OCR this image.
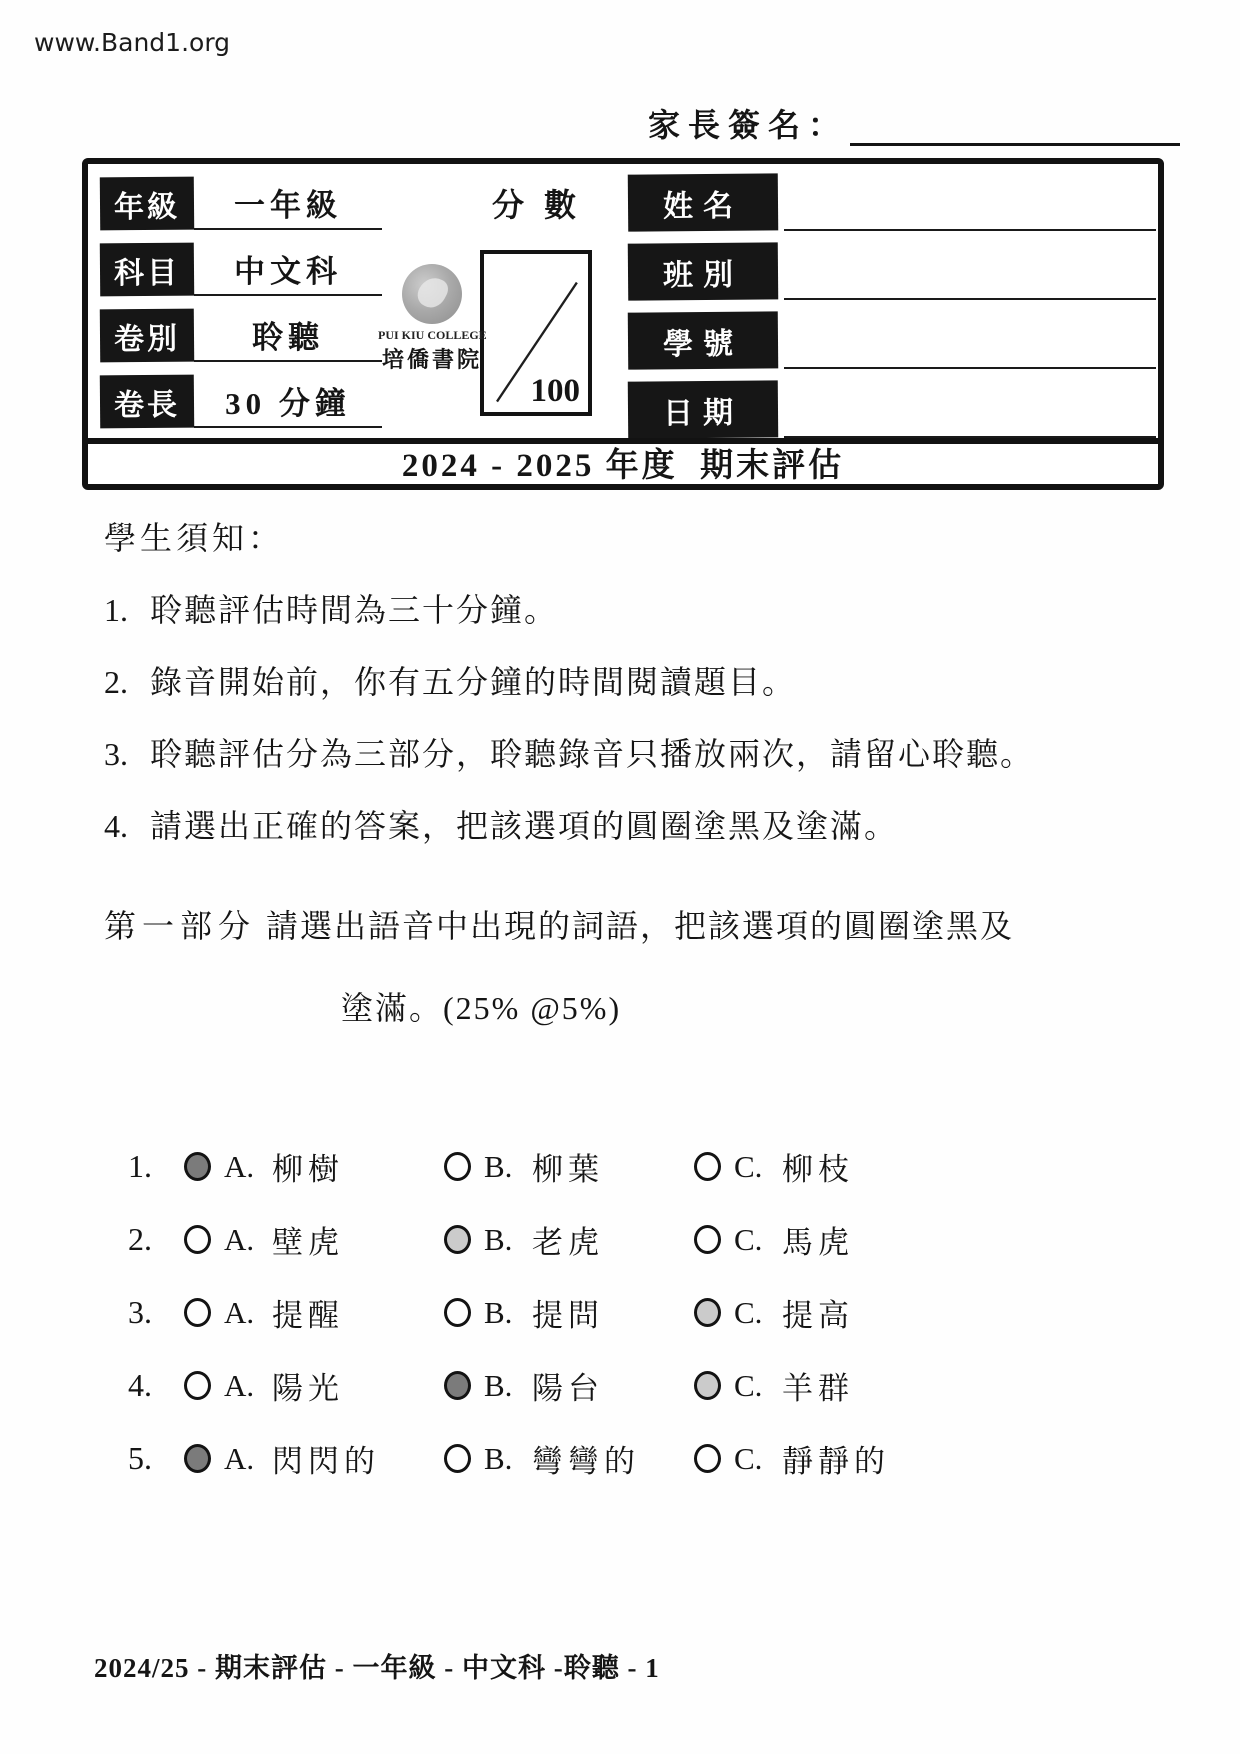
www.Band1.org
家長簽名：
年級	一年級
科目	中文科
卷別	聆聽
卷長	30 分鐘
分數
100
PUI KIU COLLEGE
培僑書院
姓名
班別
學號
日期
2024 - 2025 年度  期末評估
學生須知：
1. 聆聽評估時間為三十分鐘。
2. 錄音開始前，你有五分鐘的時間閱讀題目。
3. 聆聽評估分為三部分，聆聽錄音只播放兩次，請留心聆聽。
4. 請選出正確的答案，把該選項的圓圈塗黑及塗滿。
第一部分 請選出語音中出現的詞語，把該選項的圓圈塗黑及
塗滿。(25% @5%)
1.	A. 柳樹	B. 柳葉	C. 柳枝
2.	A. 壁虎	B. 老虎	C. 馬虎
3.	A. 提醒	B. 提問	C. 提高
4.	A. 陽光	B. 陽台	C. 羊群
5.	A. 閃閃的	B. 彎彎的	C. 靜靜的
2024/25 - 期末評估 - 一年級 - 中文科 -聆聽 - 1
